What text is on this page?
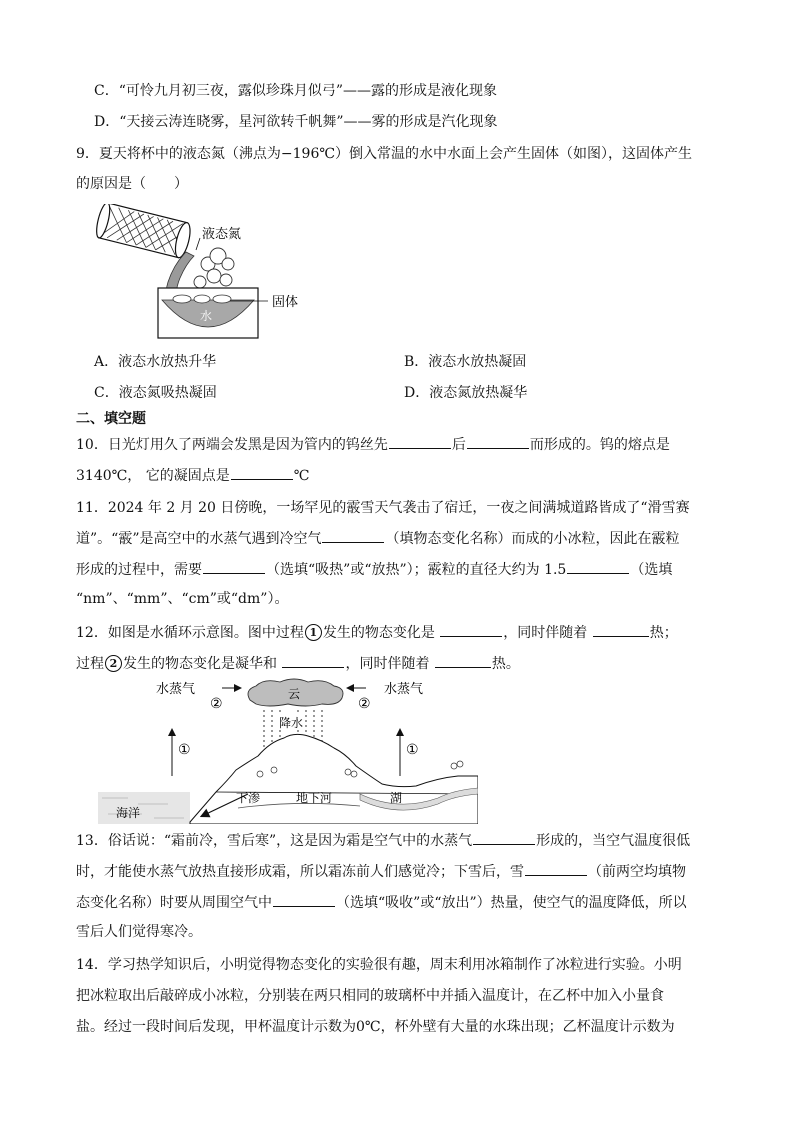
C．“可怜九月初三夜，露似珍珠月似弓”——露的形成是液化现象
D．“天接云涛连晓雾，星河欲转千帆舞”——雾的形成是汽化现象
9．夏天将杯中的液态氮（沸点为−196℃）倒入常温的水中水面上会产生固体（如图），这固体产生
的原因是（　　）
液态氮
水
固体
A．液态水放热升华	B．液态水放热凝固
C．液态氮吸热凝固	D．液态氮放热凝华
二、填空题
10．日光灯用久了两端会发黑是因为管内的钨丝先	后	而形成的。钨的熔点是
3140℃， 它的凝固点是	℃
11．2024 年 2 月 20 日傍晚，一场罕见的霰雪天气袭击了宿迁，一夜之间满城道路皆成了“滑雪赛
道”。“霰”是高空中的水蒸气遇到冷空气	（填物态变化名称）而成的小冰粒，因此在霰粒
形成的过程中，需要	（选填“吸热”或“放热”）；霰粒的直径大约为 1.5	（选填
“nm”、“mm”、“cm”或“dm”）。
12．如图是水循环示意图。图中过程 1 发生的物态变化是	，同时伴随着	热；
过程 2 发生的物态变化是凝华和	，同时伴随着	热。
水蒸气	水蒸气
②	②
云
降水
①	①
海洋
湖
地下河
下渗
13．俗话说：“霜前冷，雪后寒”，这是因为霜是空气中的水蒸气	形成的，当空气温度很低
时，才能使水蒸气放热直接形成霜，所以霜冻前人们感觉冷；下雪后，雪	（前两空均填物
态变化名称）时要从周围空气中	（选填“吸收”或“放出”）热量，使空气的温度降低，所以
雪后人们觉得寒冷。
14．学习热学知识后，小明觉得物态变化的实验很有趣，周末利用冰箱制作了冰粒进行实验。小明
把冰粒取出后敲碎成小冰粒，分别装在两只相同的玻璃杯中并插入温度计，在乙杯中加入小量食
盐。经过一段时间后发现，甲杯温度计示数为0℃，杯外壁有大量的水珠出现；乙杯温度计示数为
